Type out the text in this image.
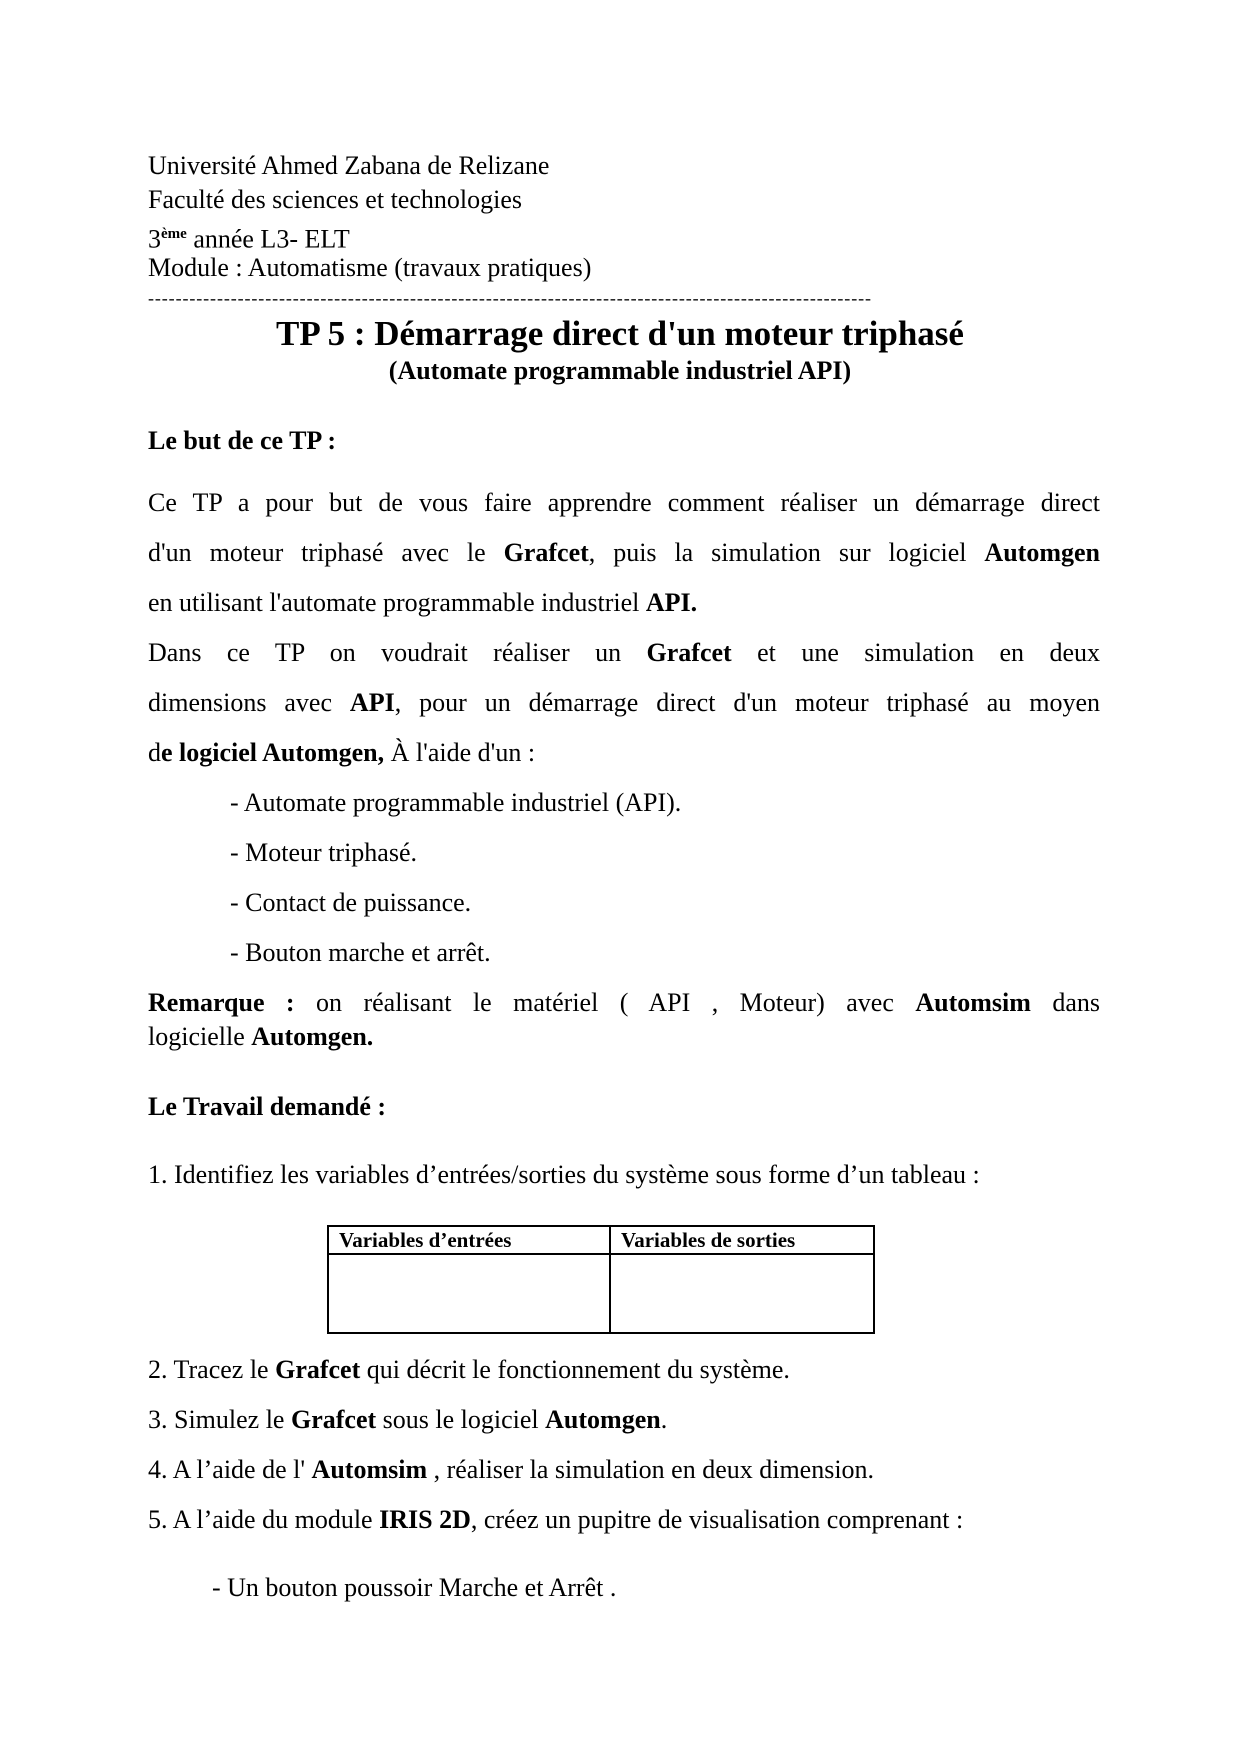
Université Ahmed Zabana de Relizane
Faculté des sciences et technologies
3ème année L3- ELT
Module : Automatisme (travaux pratiques)
---------------------------------------------------------------------------------------------------------
TP 5 : Démarrage direct d'un moteur triphasé
(Automate programmable industriel API)
Le but de ce TP :
Ce TP a pour but de vous faire apprendre comment réaliser un démarrage direct
d'un moteur triphasé avec le Grafcet, puis la simulation sur logiciel Automgen
en utilisant l'automate programmable industriel API.
Dans ce TP on voudrait réaliser un Grafcet et une simulation en deux
dimensions avec API, pour un démarrage direct d'un moteur triphasé au moyen
de logiciel Automgen, À l'aide d'un :
- Automate programmable industriel (API).
- Moteur triphasé.
- Contact de puissance.
- Bouton marche et arrêt.
Remarque : on réalisant le matériel ( API , Moteur) avec Automsim dans
logicielle Automgen.
Le Travail demandé :
1. Identifiez les variables d’entrées/sorties du système sous forme d’un tableau :
Variables d’entrées	Variables de sorties

2. Tracez le Grafcet qui décrit le fonctionnement du système.
3. Simulez le Grafcet sous le logiciel Automgen.
4. A l’aide de l' Automsim , réaliser la simulation en deux dimension.
5. A l’aide du module IRIS 2D, créez un pupitre de visualisation comprenant :
- Un bouton poussoir Marche et Arrêt .
